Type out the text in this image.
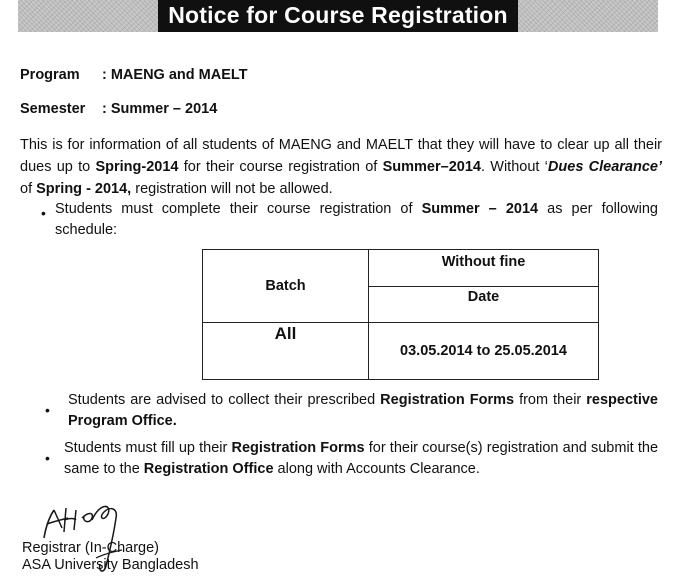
Notice for Course Registration
Program	: MAENG and MAELT
Semester	: Summer – 2014

This is for information of all students of MAENG and MAELT that they will have to clear up all their dues up to Spring-2014 for their course registration of Summer–2014. Without ‘Dues Clearance’ of Spring - 2014, registration will not be allowed.

• Students must complete their course registration of Summer – 2014 as per following schedule:
Batch	Without fine

	Date

All	03.05.2014 to 25.05.2014
•
Students are advised to collect their prescribed Registration Forms from their respective Program Office.
•
Students must fill up their Registration Forms for their course(s) registration and submit the same to the Registration Office along with Accounts Clearance.
Registrar (In-Charge)
ASA University Bangladesh
